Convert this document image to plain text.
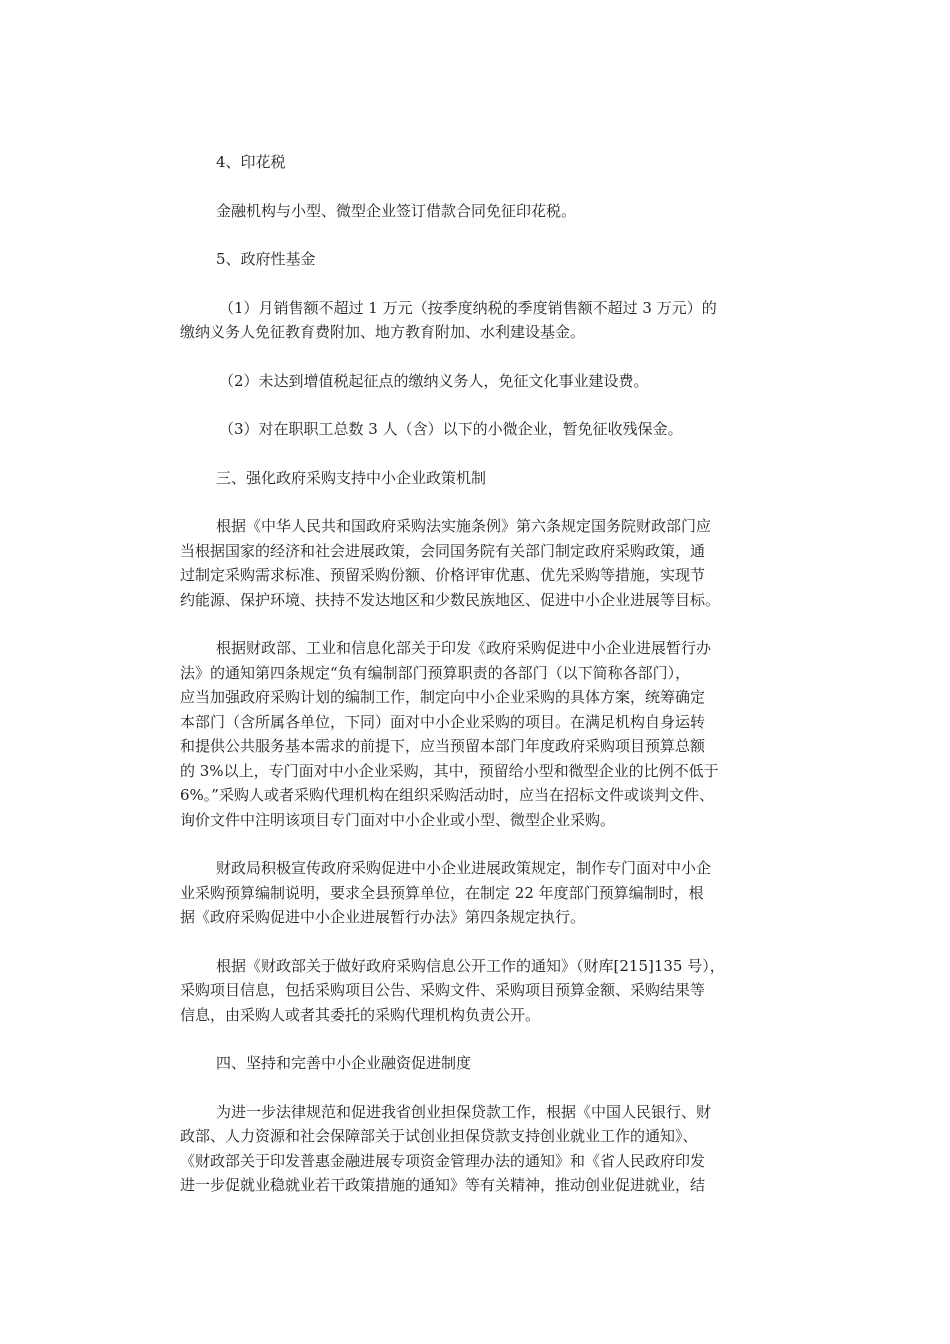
4、印花税

金融机构与小型、微型企业签订借款合同免征印花税。

5、政府性基金

（1）月销售额不超过 1 万元（按季度纳税的季度销售额不超过 3 万元）的
缴纳义务人免征教育费附加、地方教育附加、水利建设基金。

（2）未达到增值税起征点的缴纳义务人，免征文化事业建设费。

（3）对在职职工总数 3 人（含）以下的小微企业，暂免征收残保金。

三、强化政府采购支持中小企业政策机制

根据《中华人民共和国政府采购法实施条例》第六条规定国务院财政部门应
当根据国家的经济和社会进展政策，会同国务院有关部门制定政府采购政策，通
过制定采购需求标准、预留采购份额、价格评审优惠、优先采购等措施，实现节
约能源、保护环境、扶持不发达地区和少数民族地区、促进中小企业进展等目标。

根据财政部、工业和信息化部关于印发《政府采购促进中小企业进展暂行办
法》的通知第四条规定“负有编制部门预算职责的各部门（以下简称各部门），
应当加强政府采购计划的编制工作，制定向中小企业采购的具体方案，统筹确定
本部门（含所属各单位，下同）面对中小企业采购的项目。在满足机构自身运转
和提供公共服务基本需求的前提下，应当预留本部门年度政府采购项目预算总额
的 3%以上，专门面对中小企业采购，其中，预留给小型和微型企业的比例不低于
6%。”采购人或者采购代理机构在组织采购活动时，应当在招标文件或谈判文件、
询价文件中注明该项目专门面对中小企业或小型、微型企业采购。

财政局积极宣传政府采购促进中小企业进展政策规定，制作专门面对中小企
业采购预算编制说明，要求全县预算单位，在制定 22 年度部门预算编制时，根
据《政府采购促进中小企业进展暂行办法》第四条规定执行。

根据《财政部关于做好政府采购信息公开工作的通知》（财库[215]135 号），
采购项目信息，包括采购项目公告、采购文件、采购项目预算金额、采购结果等
信息，由采购人或者其委托的采购代理机构负责公开。

四、坚持和完善中小企业融资促进制度

为进一步法律规范和促进我省创业担保贷款工作，根据《中国人民银行、财
政部、人力资源和社会保障部关于试创业担保贷款支持创业就业工作的通知》、
《财政部关于印发普惠金融进展专项资金管理办法的通知》和《省人民政府印发
进一步促就业稳就业若干政策措施的通知》等有关精神，推动创业促进就业，结
